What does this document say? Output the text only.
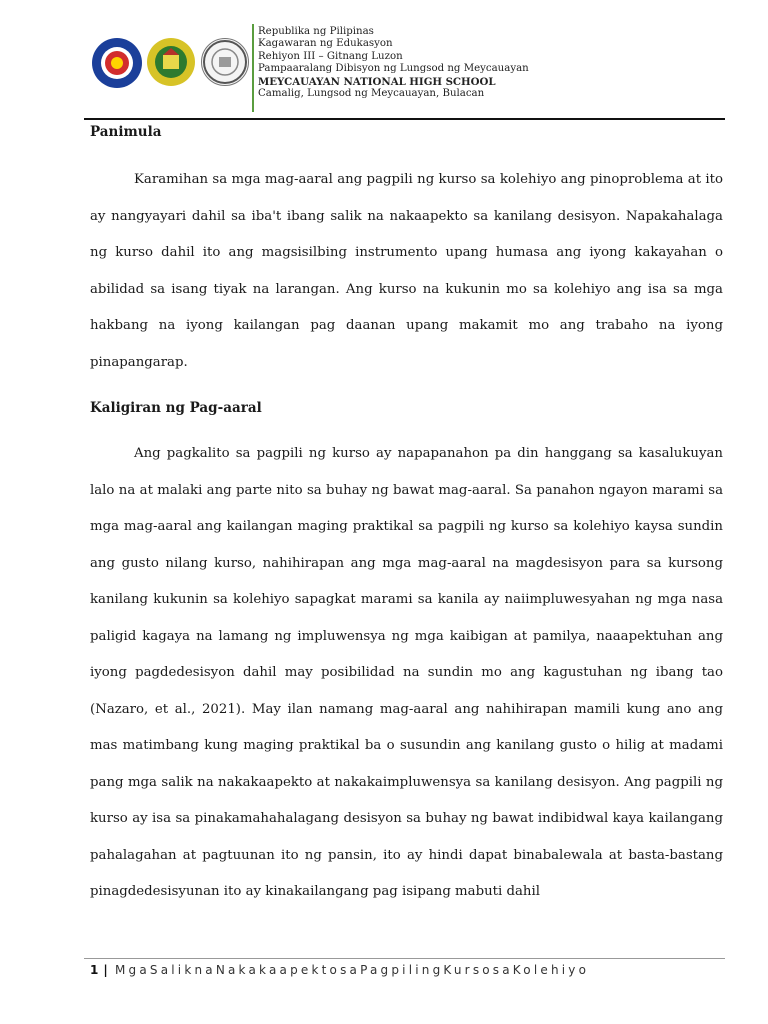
Republika ng Pilipinas
Kagawaran ng Edukasyon
Rehiyon III – Gitnang Luzon
Pampaaralang Dibisyon ng Lungsod ng Meycauayan
MEYCAUAYAN NATIONAL HIGH SCHOOL
Camalig, Lungsod ng Meycauayan, Bulacan
Panimula
Karamihan sa mga mag-aaral ang pagpili ng kurso sa kolehiyo ang pinoproblema at ito ay nangyayari dahil sa iba't ibang salik na nakaapekto sa kanilang desisyon. Napakahalaga ng kurso dahil ito ang magsisilbing instrumento upang humasa ang iyong kakayahan o abilidad sa isang tiyak na larangan. Ang kurso na kukunin mo sa kolehiyo ang isa sa mga hakbang na iyong kailangan pag daanan upang makamit mo ang trabaho na iyong pinapangarap.
Kaligiran ng Pag-aaral
Ang pagkalito sa pagpili ng kurso ay napapanahon pa din hanggang sa kasalukuyan lalo na at malaki ang parte nito sa buhay ng bawat mag-aaral. Sa panahon ngayon marami sa mga mag-aaral ang kailangan maging praktikal sa pagpili ng kurso sa kolehiyo kaysa sundin ang gusto nilang kurso, nahihirapan ang mga mag-aaral na magdesisyon para sa kursong kanilang kukunin sa kolehiyo sapagkat marami sa kanila ay naiimpluwesyahan ng mga nasa paligid kagaya na lamang ng impluwensya ng mga kaibigan at pamilya, naaapektuhan ang iyong pagdedesisyon dahil may posibilidad na sundin mo ang kagustuhan ng ibang tao (Nazaro, et al., 2021). May ilan namang mag-aaral ang nahihirapan mamili kung ano ang mas matimbang kung maging praktikal ba o susundin ang kanilang gusto o hilig at madami pang mga salik na nakakaapekto at nakakaimpluwensya sa kanilang desisyon. Ang pagpili ng kurso ay isa sa pinakamahahalagang desisyon sa buhay ng bawat indibidwal kaya kailangang pahalagahan at pagtuunan ito ng pansin, ito ay hindi dapat binabalewala at basta-bastang pinagdedesisyunan ito ay kinakailangang pag isipang mabuti dahil
1 | MgaSaliknaNakakaapektosaPagpilingKursosaKolehiyo
